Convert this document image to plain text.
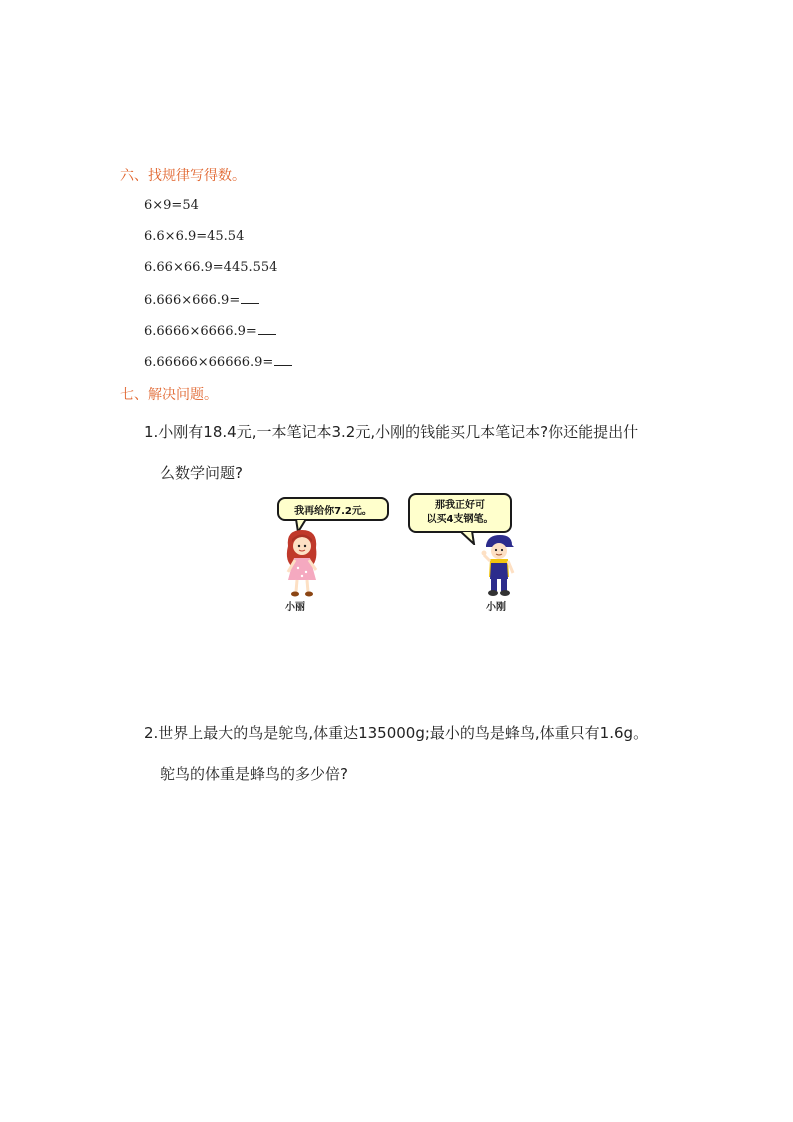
六、找规律写得数。
6×9=54
6.6×6.9=45.54
6.66×66.9=445.554
6.666×666.9=
6.6666×6666.9=
6.66666×66666.9=
七、解决问题。
1.小刚有18.4元,一本笔记本3.2元,小刚的钱能买几本笔记本?你还能提出什
么数学问题?
我再给你7.2元。	那我正好可
以买4支钢笔。
小丽	小刚
2.世界上最大的鸟是鸵鸟,体重达135000g;最小的鸟是蜂鸟,体重只有1.6g。
鸵鸟的体重是蜂鸟的多少倍?
